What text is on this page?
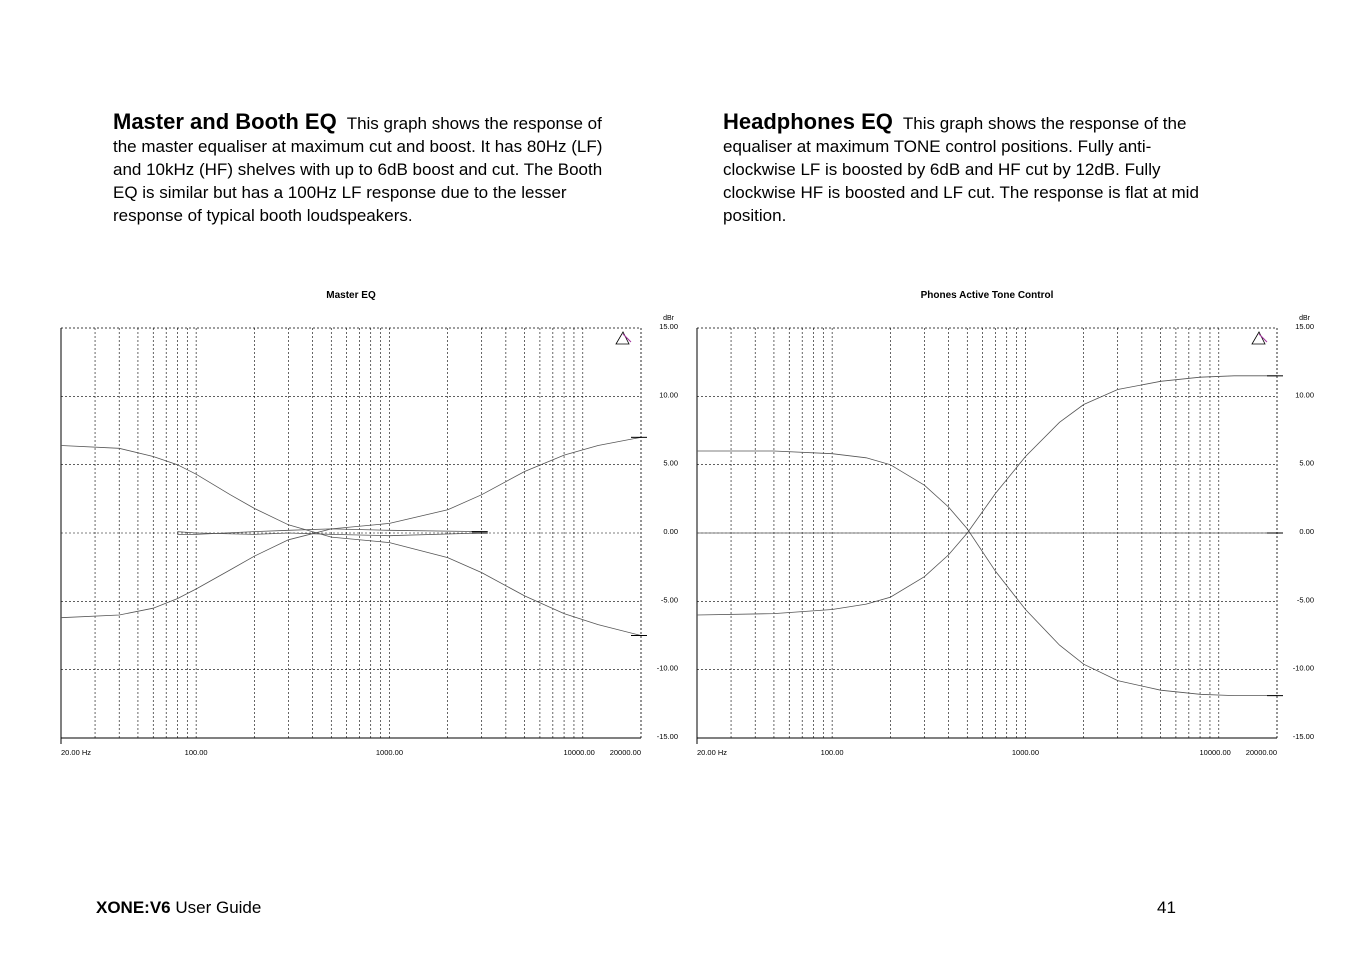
Master and Booth EQ This graph shows the response of the master equaliser at maximum cut and boost. It has 80Hz (LF) and 10kHz (HF) shelves with up to 6dB boost and cut. The Booth EQ is similar but has a 100Hz LF response due to the lesser response of typical booth loudspeakers.
Headphones EQ This graph shows the response of the equaliser at maximum TONE control positions. Fully anti-clockwise LF is boosted by 6dB and HF cut by 12dB. Fully clockwise HF is boosted and LF cut. The response is flat at mid position.
Master EQ
dBr
15.00
10.00
5.00
0.00
-5.00
-10.00
-15.00
20.00 Hz	100.00	1000.00	10000.00 20000.00
Phones Active Tone Control
dBr
15.00
10.00
5.00
0.00
-5.00
-10.00
-15.00
20.00 Hz	100.00	1000.00	10000.00 20000.00
XONE:V6 User Guide	41
